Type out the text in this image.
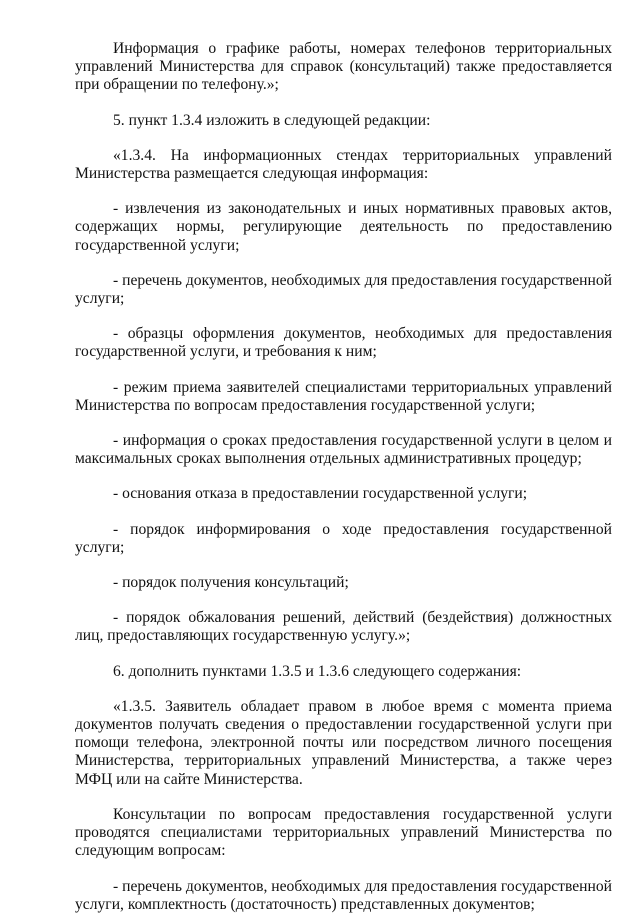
Информация о графике работы, номерах телефонов территориальных управлений Министерства для справок (консультаций) также предоставляется при обращении по телефону.»;

5. пункт 1.3.4 изложить в следующей редакции:

«1.3.4. На информационных стендах территориальных управлений Министерства размещается следующая информация:

- извлечения из законодательных и иных нормативных правовых актов, содержащих нормы, регулирующие деятельность по предоставлению государственной услуги;

- перечень документов, необходимых для предоставления государственной услуги;

- образцы оформления документов, необходимых для предоставления государственной услуги, и требования к ним;

- режим приема заявителей специалистами территориальных управлений Министерства по вопросам предоставления государственной услуги;

- информация о сроках предоставления государственной услуги в целом и максимальных сроках выполнения отдельных административных процедур;

- основания отказа в предоставлении государственной услуги;

- порядок информирования о ходе предоставления государственной услуги;

- порядок получения консультаций;

- порядок обжалования решений, действий (бездействия) должностных лиц, предоставляющих государственную услугу.»;

6. дополнить пунктами 1.3.5 и 1.3.6 следующего содержания:

«1.3.5. Заявитель обладает правом в любое время с момента приема документов получать сведения о предоставлении государственной услуги при помощи телефона, электронной почты или посредством личного посещения Министерства, территориальных управлений Министерства, а также через МФЦ или на сайте Министерства.

Консультации по вопросам предоставления государственной услуги проводятся специалистами территориальных управлений Министерства по следующим вопросам:

- перечень документов, необходимых для предоставления государственной услуги, комплектность (достаточность) представленных документов;
